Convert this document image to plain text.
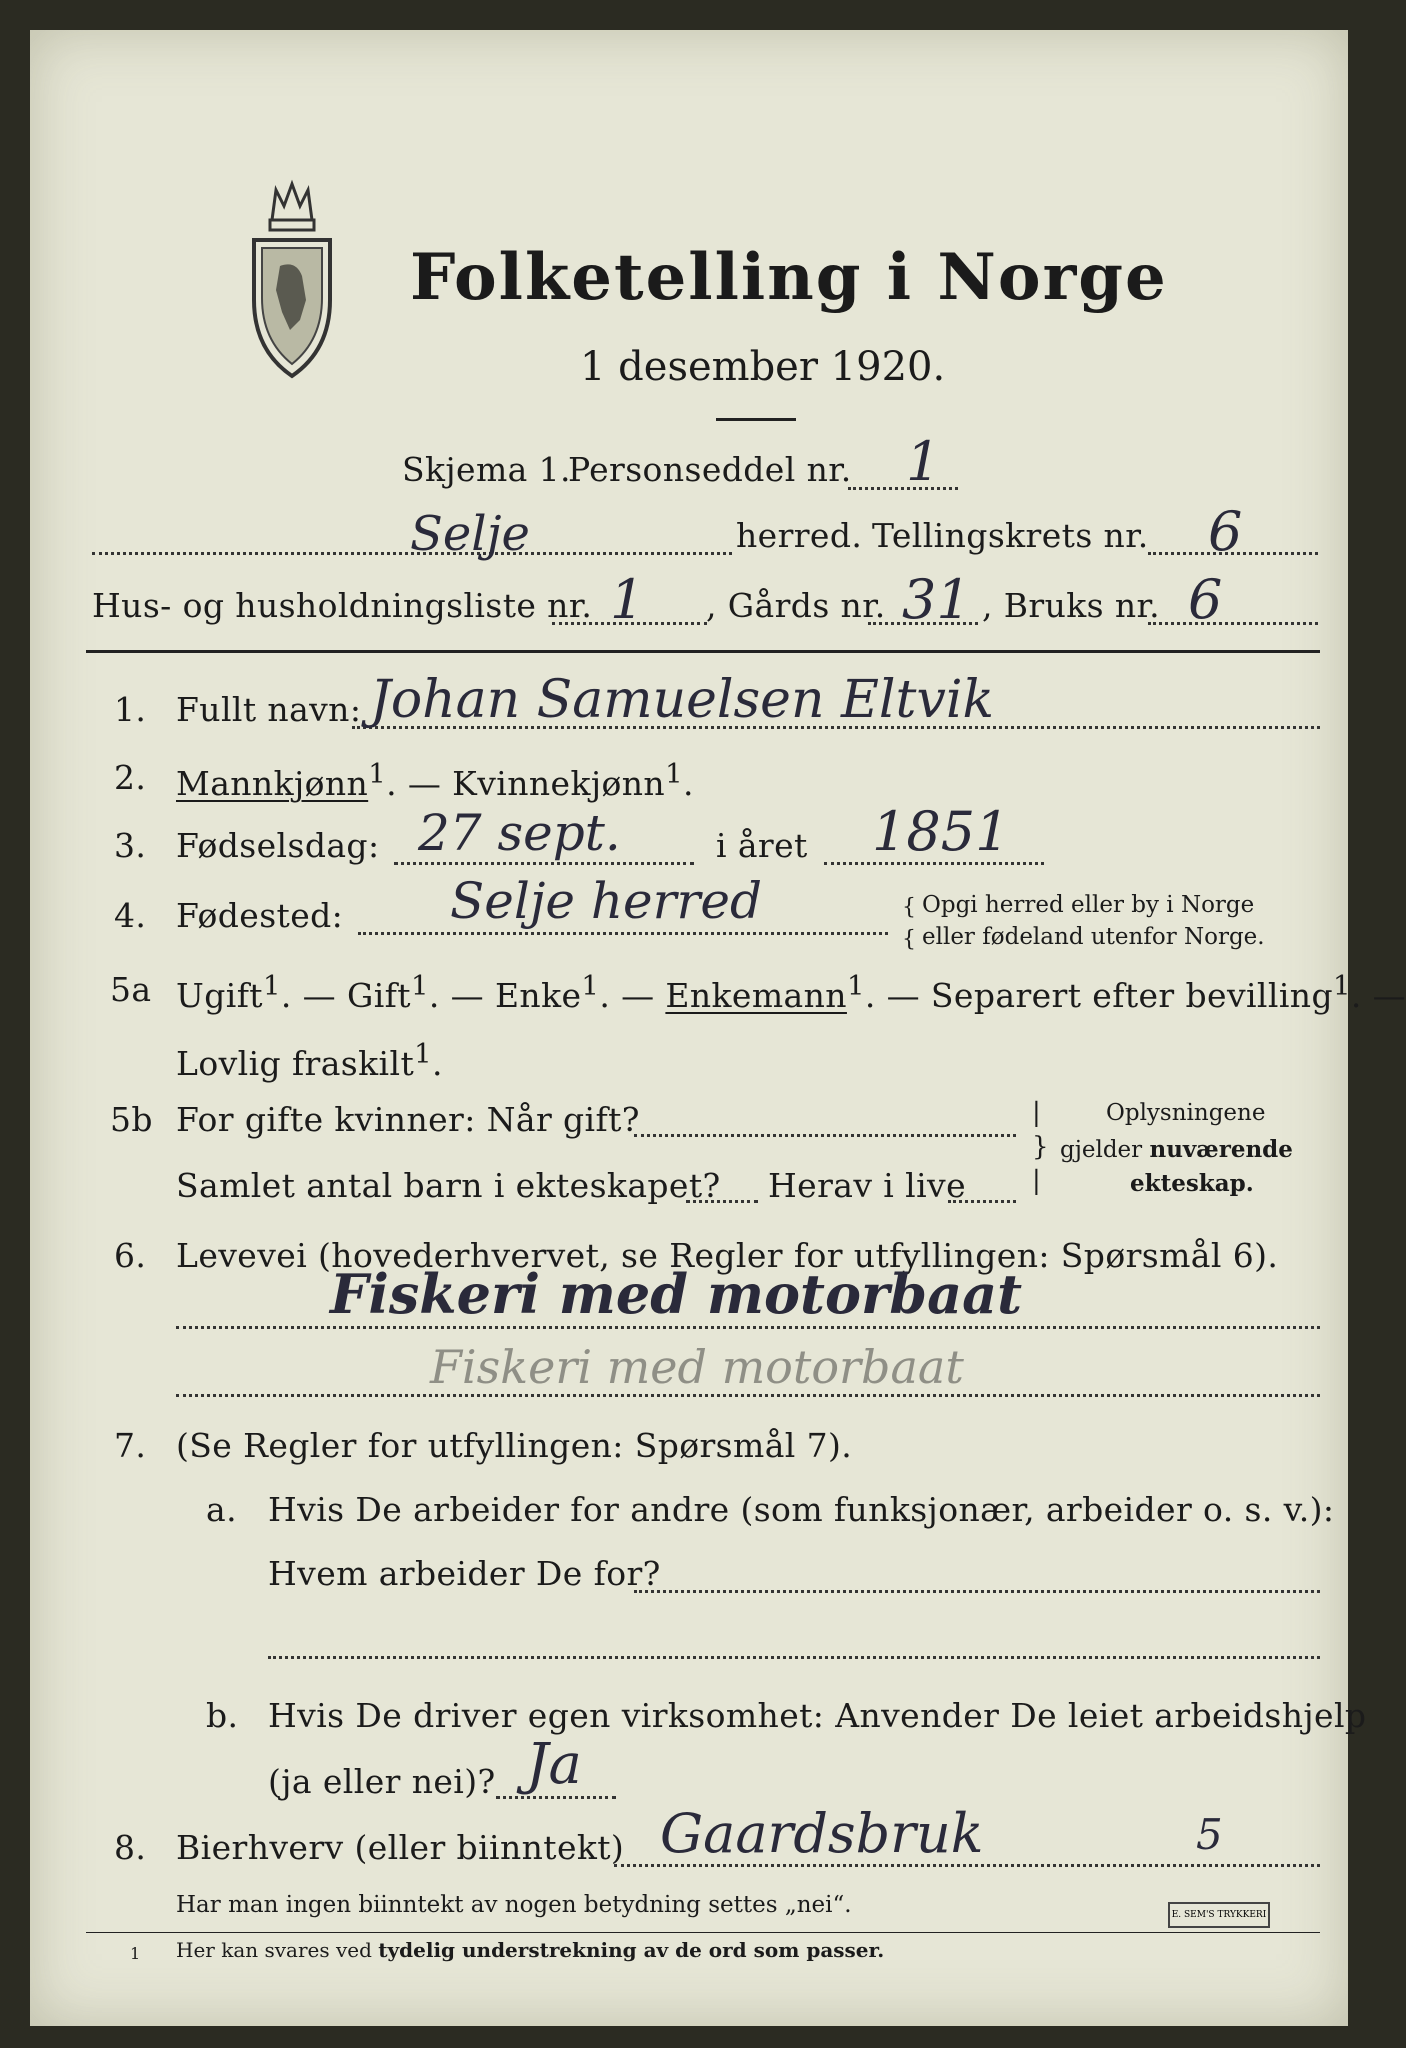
Folketelling i Norge
1 desember 1920.
Skjema 1.
Personseddel nr. 1
Selje	herred. Tellingskrets nr. 6
Hus- og husholdningsliste nr. 1 , Gårds nr. 31 , Bruks nr. 6
1. Fullt navn: Johan Samuelsen Eltvik
2. Mannkjønn$^1$. — Kvinnekjønn$^1$.
3. Fødselsdag: 27 sept.	i året 1851
4. Fødested: Selje herred	{
{
Opgi herred eller by i Norge
eller fødeland utenfor Norge.
5a Ugift$^1$. — Gift$^1$. — Enke$^1$. — Enkemann$^1$. — Separert efter bevilling$^1$. —
Lovlig fraskilt$^1$.
5b For gifte kvinner: Når gift?
Samlet antal barn i ekteskapet? Herav i live
|
}
|
Oplysningene
gjelder nuværende
ekteskap.
6. Levevei (hovederhvervet, se Regler for utfyllingen: Spørsmål 6).
Fiskeri med motorbaat
Fiskeri med motorbaat
7. (Se Regler for utfyllingen: Spørsmål 7).
a. Hvis De arbeider for andre (som funksjonær, arbeider o. s. v.):
Hvem arbeider De for?
b. Hvis De driver egen virksomhet: Anvender De leiet arbeidshjelp
(ja eller nei)? Ja
8. Bierhverv (eller biinntekt) Gaardsbruk	5
Har man ingen biinntekt av nogen betydning settes „nei“.
1 Her kan svares ved tydelig understrekning av de ord som passer.
E. SEM'S TRYKKERI
